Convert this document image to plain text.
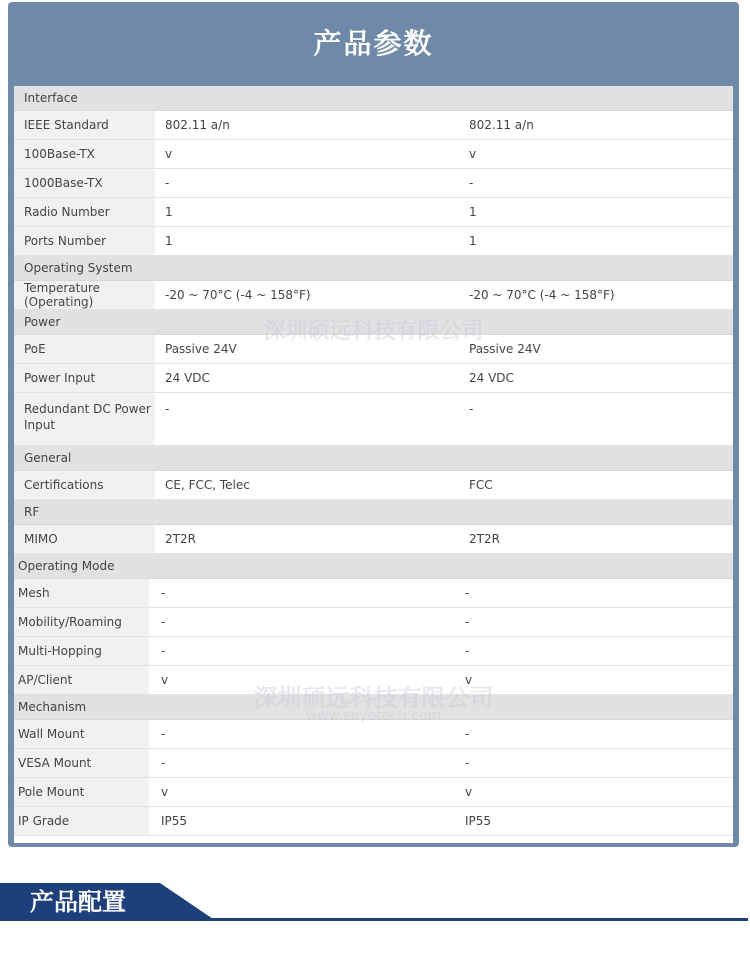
产品参数
Interface		
IEEE Standard	802.11 a/n	802.11 a/n
100Base-TX	v	v
1000Base-TX	-	-
Radio Number	1	1
Ports Number	1	1
Operating System		
Temperature (Operating)	-20 ~ 70°C (-4 ~ 158°F)	-20 ~ 70°C (-4 ~ 158°F)
Power		
PoE	Passive 24V	Passive 24V
Power Input	24 VDC	24 VDC
Redundant DC Power Input	-	-
General		
Certifications	CE, FCC, Telec	FCC
RF		
MIMO	2T2R	2T2R
Operating Mode		
Mesh	-	-
Mobility/Roaming	-	-
Multi-Hopping	-	-
AP/Client	v	v
Mechanism		
Wall Mount	-	-
VESA Mount	-	-
Pole Mount	v	v
IP Grade	IP55	IP55
深圳硕远科技有限公司
深圳硕远科技有限公司
www.soyetech.com
产品配置
